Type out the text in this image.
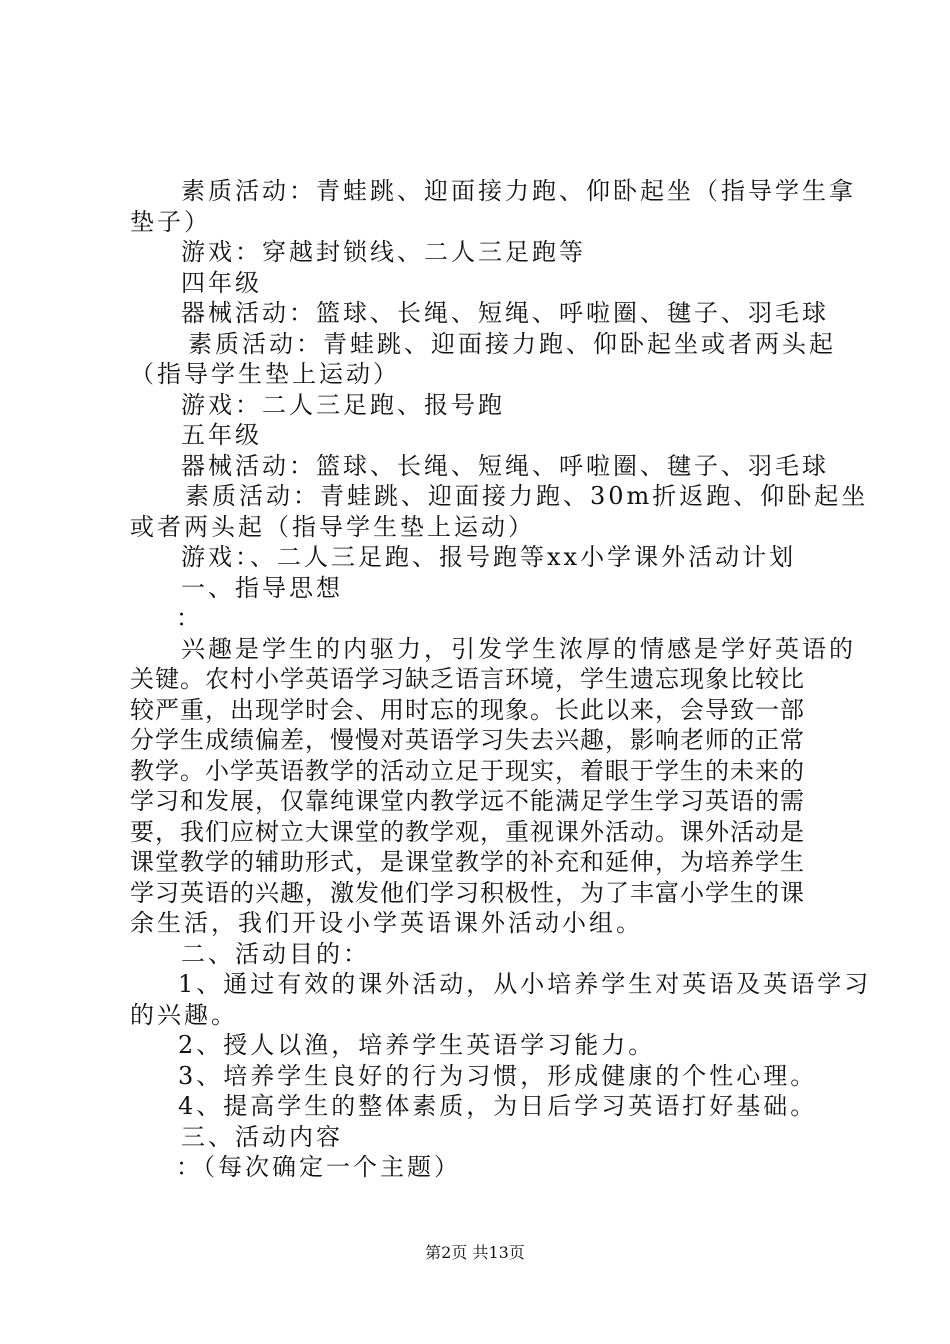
素质活动：青蛙跳、迎面接力跑、仰卧起坐（指导学生拿
垫子）
游戏：穿越封锁线、二人三足跑等
四年级
器械活动：篮球、长绳、短绳、呼啦圈、毽子、羽毛球
素质活动：青蛙跳、迎面接力跑、仰卧起坐或者两头起
（指导学生垫上运动）
游戏：二人三足跑、报号跑
五年级
器械活动：篮球、长绳、短绳、呼啦圈、毽子、羽毛球
素质活动：青蛙跳、迎面接力跑、30m折返跑、仰卧起坐
或者两头起（指导学生垫上运动）
游戏：、二人三足跑、报号跑等xx小学课外活动计划
一、指导思想
：
兴趣是学生的内驱力，引发学生浓厚的情感是学好英语的
关键。农村小学英语学习缺乏语言环境，学生遗忘现象比较比
较严重，出现学时会、用时忘的现象。长此以来，会导致一部
分学生成绩偏差，慢慢对英语学习失去兴趣，影响老师的正常
教学。小学英语教学的活动立足于现实，着眼于学生的未来的
学习和发展，仅靠纯课堂内教学远不能满足学生学习英语的需
要，我们应树立大课堂的教学观，重视课外活动。课外活动是
课堂教学的辅助形式，是课堂教学的补充和延伸，为培养学生
学习英语的兴趣，激发他们学习积极性，为了丰富小学生的课
余生活，我们开设小学英语课外活动小组。
二、活动目的：
1、通过有效的课外活动，从小培养学生对英语及英语学习
的兴趣。
2、授人以渔，培养学生英语学习能力。
3、培养学生良好的行为习惯，形成健康的个性心理。
4、提高学生的整体素质，为日后学习英语打好基础。
三、活动内容
：（每次确定一个主题）
第2页 共13页
